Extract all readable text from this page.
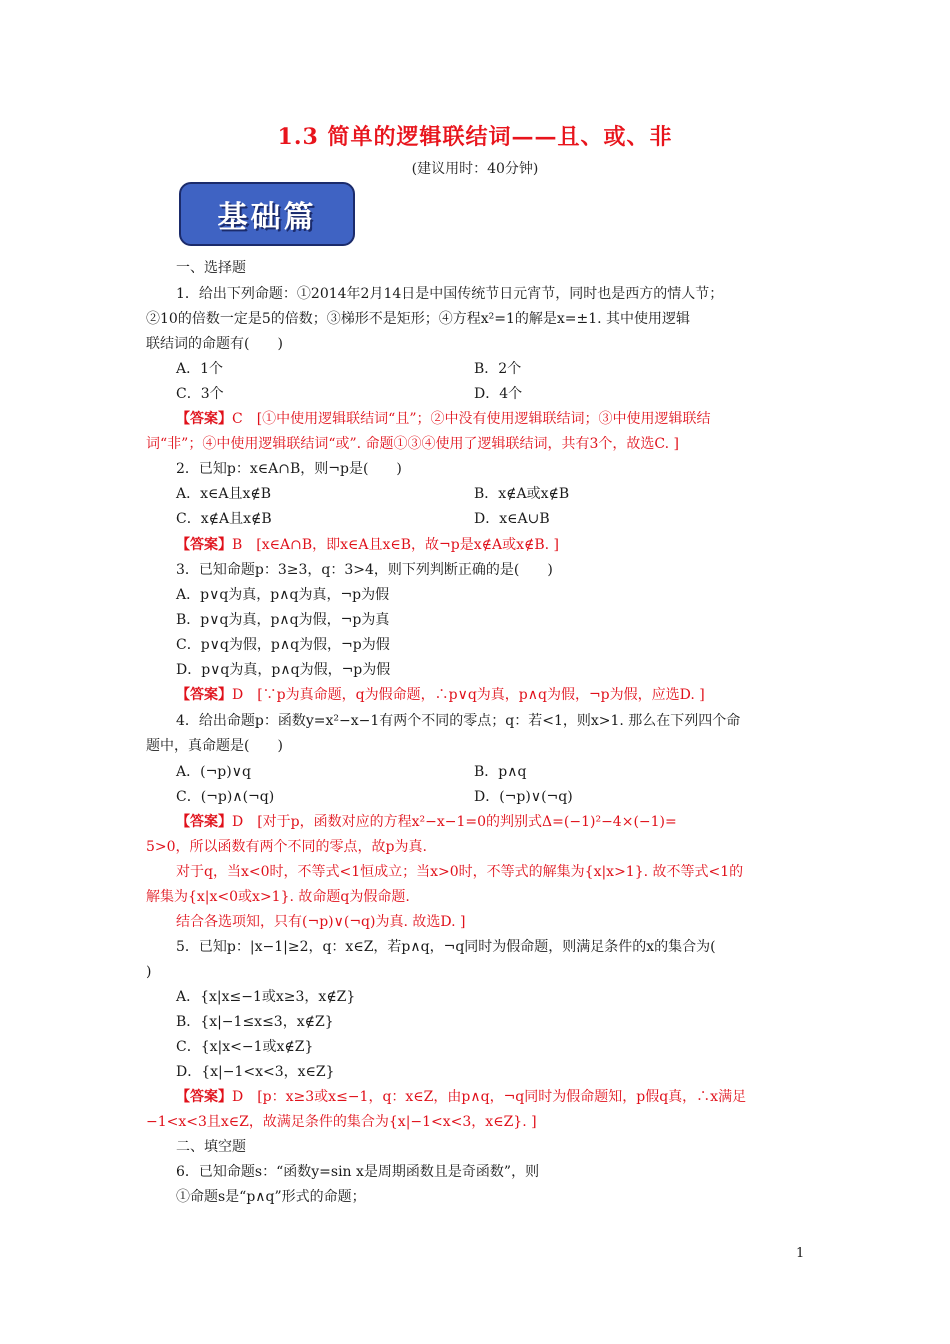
1.3 简单的逻辑联结词——且、或、非
(建议用时：40分钟)
基础篇
一、选择题
1．给出下列命题：①2014年2月14日是中国传统节日元宵节，同时也是西方的情人节；
②10的倍数一定是5的倍数；③梯形不是矩形；④方程x²=1的解是x=±1. 其中使用逻辑
联结词的命题有(　　)
A．1个	B．2个
C．3个	D．4个
【答案】C　[①中使用逻辑联结词“且”；②中没有使用逻辑联结词；③中使用逻辑联结
词“非”；④中使用逻辑联结词“或”. 命题①③④使用了逻辑联结词，共有3个，故选C. ]
2．已知p：x∈A∩B，则¬p是(　　)
A．x∈A且x∉B	B．x∉A或x∉B
C．x∉A且x∉B	D．x∈A∪B
【答案】B　[x∈A∩B，即x∈A且x∈B，故¬p是x∉A或x∉B. ]
3．已知命题p：3≥3，q：3>4，则下列判断正确的是(　　)
A．p∨q为真，p∧q为真，¬p为假
B．p∨q为真，p∧q为假，¬p为真
C．p∨q为假，p∧q为假，¬p为假
D．p∨q为真，p∧q为假，¬p为假
【答案】D　[∵p为真命题，q为假命题，∴p∨q为真，p∧q为假，¬p为假，应选D. ]
4．给出命题p：函数y=x²−x−1有两个不同的零点；q：若<1，则x>1. 那么在下列四个命
题中，真命题是(　　)
A．(¬p)∨q	B．p∧q
C．(¬p)∧(¬q)	D．(¬p)∨(¬q)
【答案】D　[对于p，函数对应的方程x²−x−1=0的判别式Δ=(−1)²−4×(−1)=
5>0，所以函数有两个不同的零点，故p为真.
对于q，当x<0时，不等式<1恒成立；当x>0时，不等式的解集为{x|x>1}. 故不等式<1的
解集为{x|x<0或x>1}. 故命题q为假命题.
结合各选项知，只有(¬p)∨(¬q)为真. 故选D. ]
5．已知p：|x−1|≥2，q：x∈Z，若p∧q，¬q同时为假命题，则满足条件的x的集合为(
)
A．{x|x≤−1或x≥3，x∉Z}
B．{x|−1≤x≤3，x∉Z}
C．{x|x<−1或x∉Z}
D．{x|−1<x<3，x∈Z}
【答案】D　[p：x≥3或x≤−1，q：x∈Z，由p∧q，¬q同时为假命题知，p假q真，∴x满足
−1<x<3且x∈Z，故满足条件的集合为{x|−1<x<3，x∈Z}. ]
二、填空题
6．已知命题s：“函数y=sin x是周期函数且是奇函数”，则
①命题s是“p∧q”形式的命题；
1
